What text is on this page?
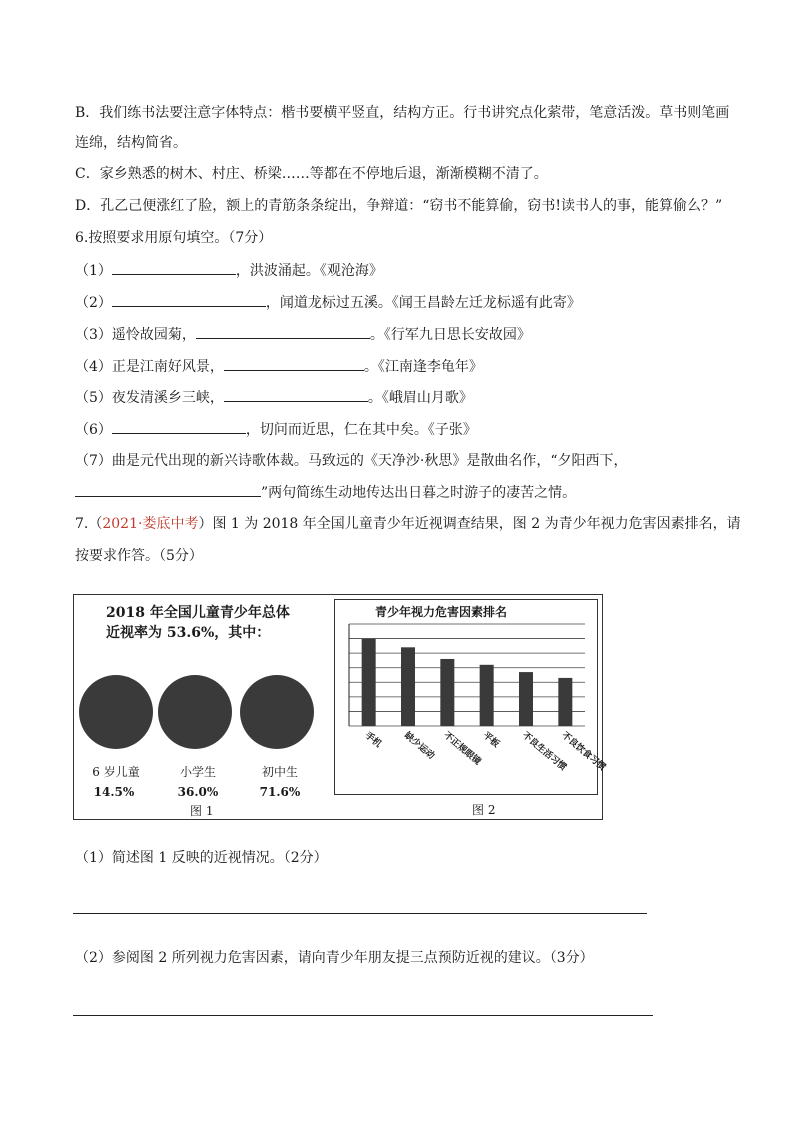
B．我们练书法要注意字体特点：楷书要横平竖直，结构方正。行书讲究点化萦带，笔意活泼。草书则笔画
连绵，结构简省。
C．家乡熟悉的树木、村庄、桥梁……等都在不停地后退，渐渐模糊不清了。
D．孔乙己便涨红了脸，额上的青筋条条绽出，争辩道：“窃书不能算偷，窃书!读书人的事，能算偷么？”
6.按照要求用原句填空。（7分）
（1）	，洪波涌起。《观沧海》
（2）	，闻道龙标过五溪。《闻王昌龄左迁龙标遥有此寄》
（3）遥怜故园菊，	。《行军九日思长安故园》
（4）正是江南好风景，	。《江南逢李龟年》
（5）夜发清溪乡三峡，	。《峨眉山月歌》
（6）	，切问而近思，仁在其中矣。《子张》
（7）曲是元代出现的新兴诗歌体裁。马致远的《天净沙·秋思》是散曲名作，“夕阳西下，
”两句简练生动地传达出日暮之时游子的凄苦之情。
7.（2021·娄底中考）图 1 为 2018 年全国儿童青少年近视调查结果，图 2 为青少年视力危害因素排名，请
按要求作答。（5分）
2018 年全国儿童青少年总体
近视率为 53.6%，其中：
6 岁儿童	小学生	初中生
14.5%	36.0%	71.6%
图 1
青少年视力危害因素排名
手机 缺少运动 不正规眼镜
平板 不良生活习惯
不良饮食习惯
图 2
（1）简述图 1 反映的近视情况。（2分）
（2）参阅图 2 所列视力危害因素，请向青少年朋友提三点预防近视的建议。（3分）
